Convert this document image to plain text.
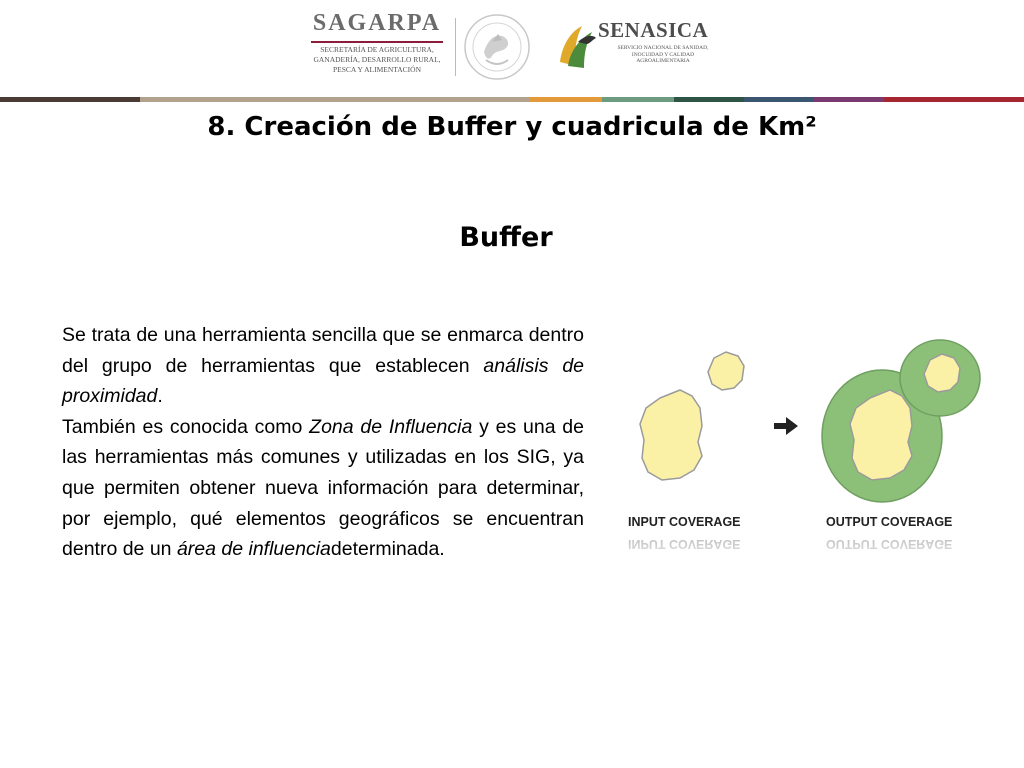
SAGARPA
SECRETARÍA DE AGRICULTURA,
GANADERÍA, DESARROLLO RURAL,
PESCA Y ALIMENTACIÓN
SENASICA
SERVICIO NACIONAL DE SANIDAD,
INOCUIDAD Y CALIDAD
AGROALIMENTARIA
8. Creación de Buffer y cuadricula de Km²
Buffer

Se trata de una herramienta sencilla que se enmarca dentro del grupo de herramientas que establecen análisis de proximidad.

También es conocida como Zona de Influencia y es una de las herramientas más comunes y utilizadas en los SIG, ya que permiten obtener nueva información para determinar, por ejemplo, qué elementos geográficos se encuentran dentro de un área de influenciadeterminada.

INPUT COVERAGE	OUTPUT COVERAGE
